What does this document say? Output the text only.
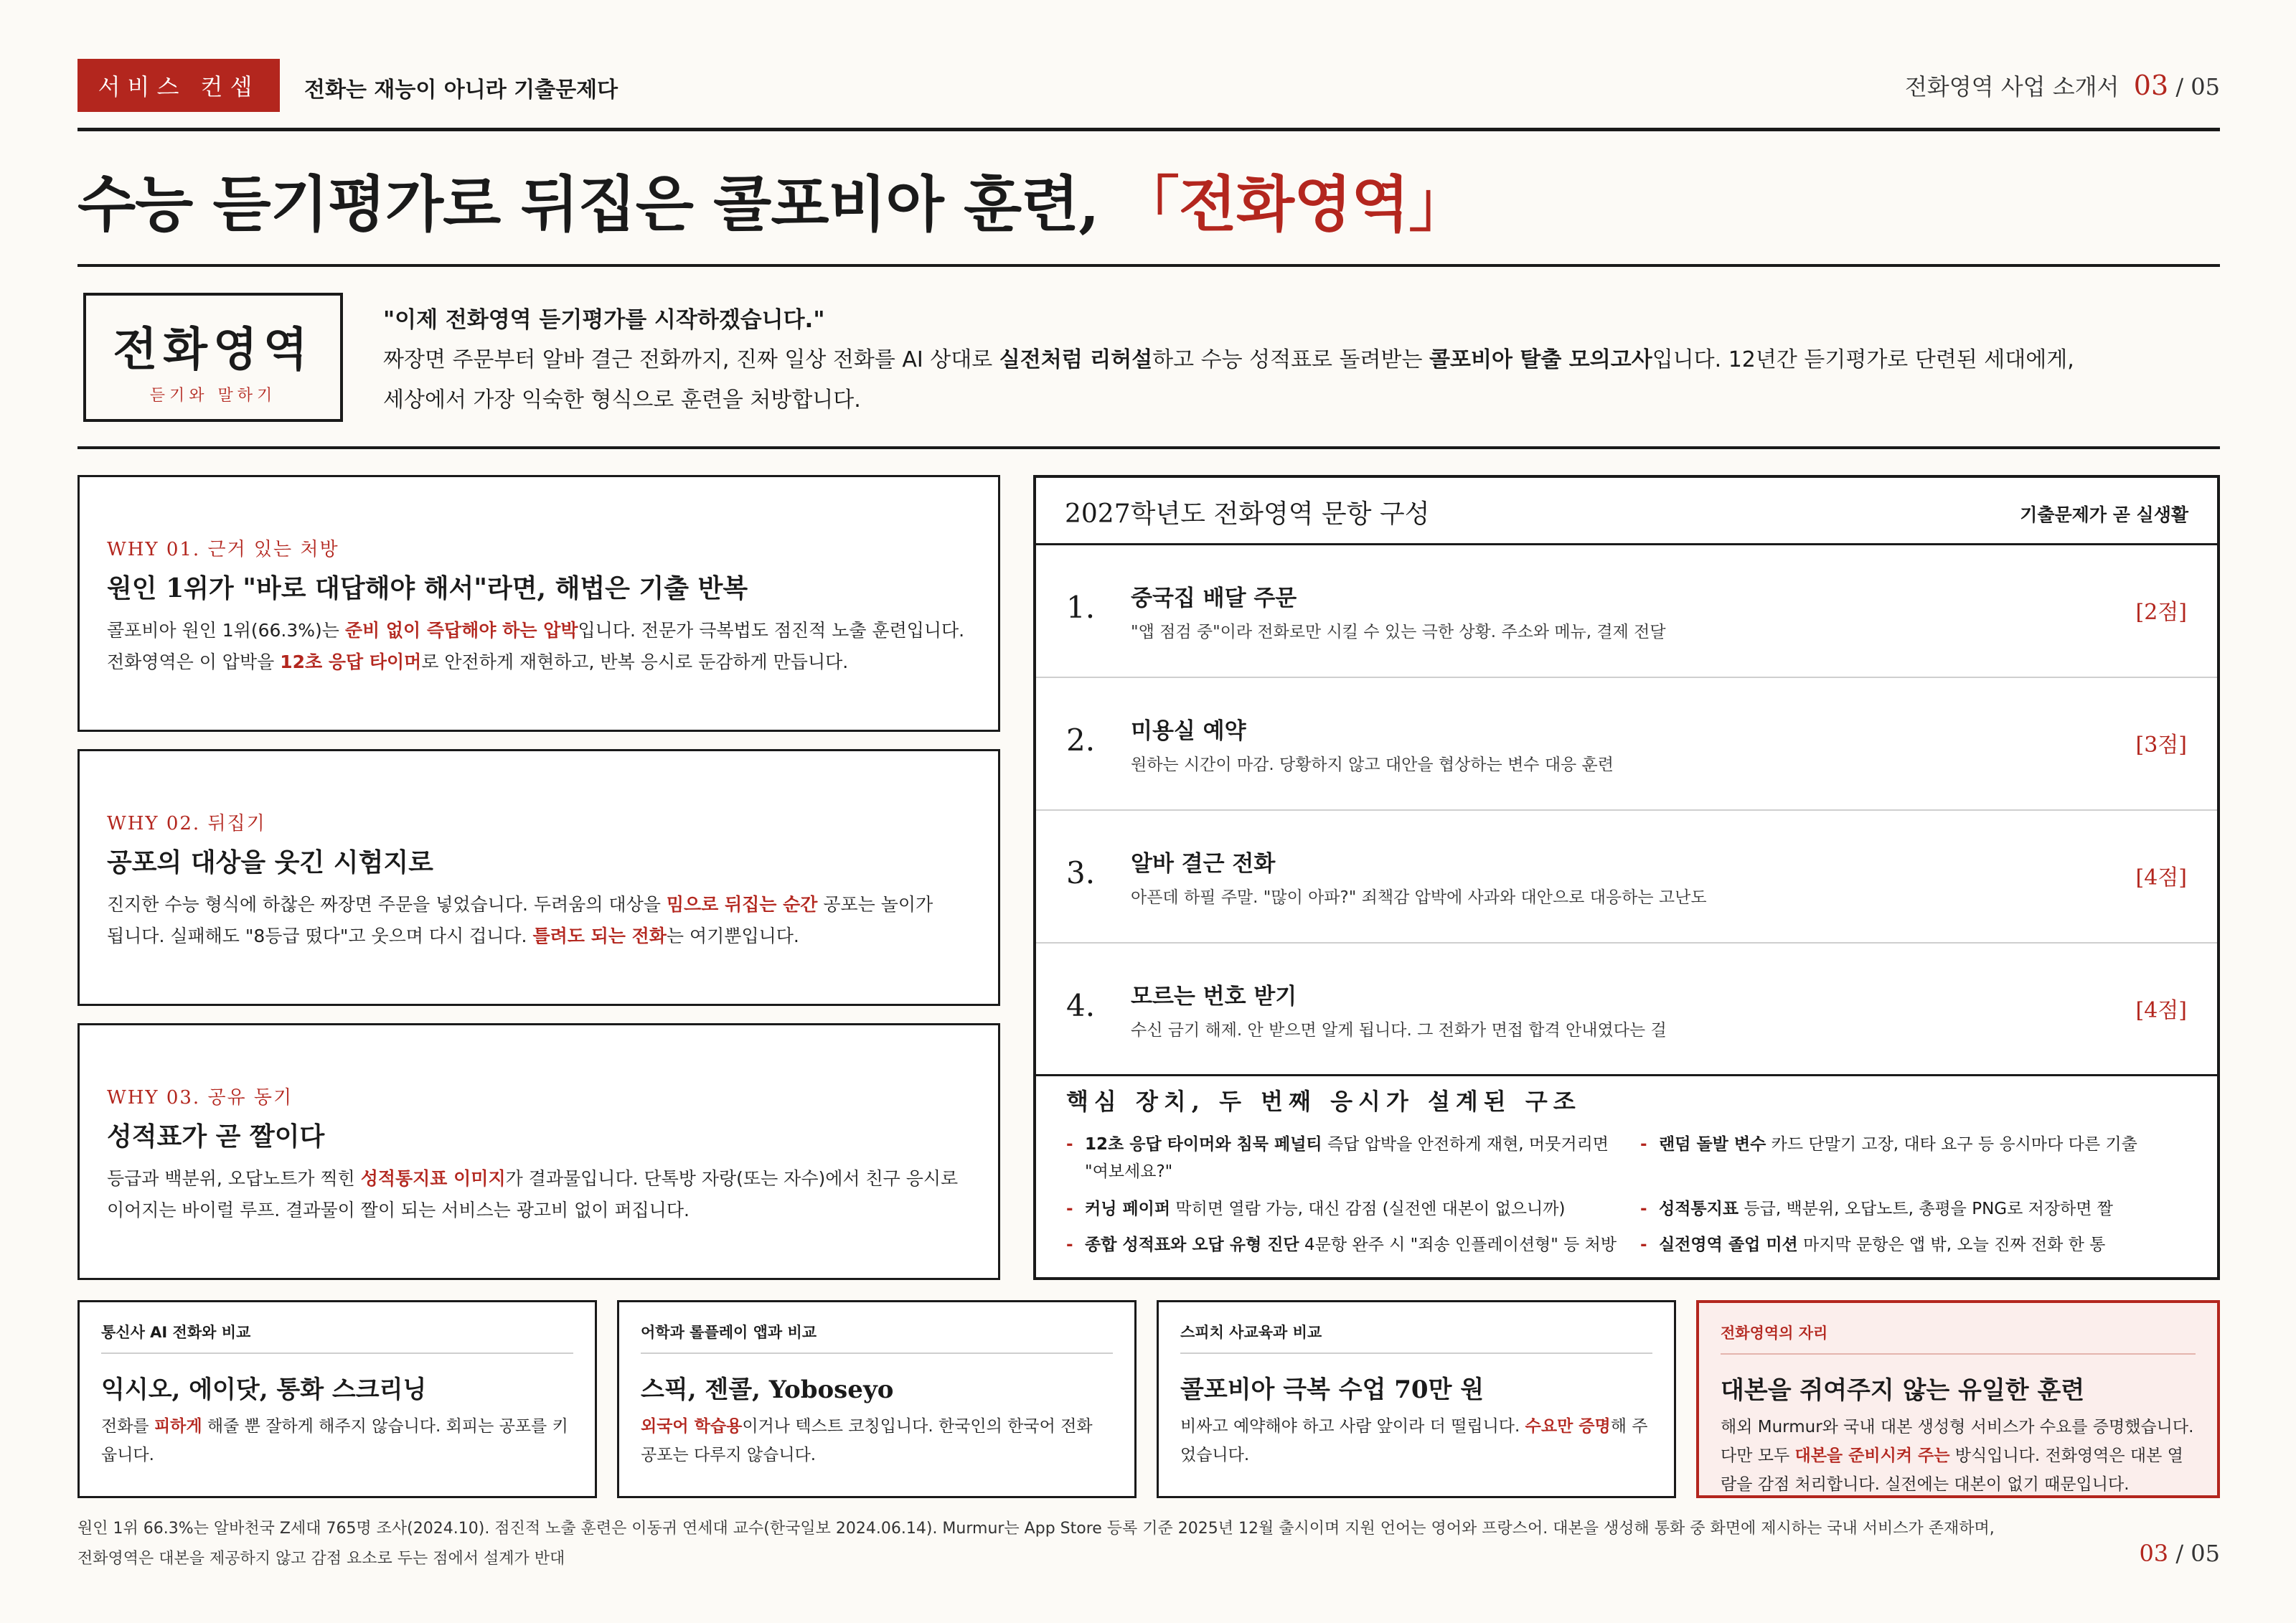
서비스 컨셉	전화는 재능이 아니라 기출문제다	전화영역 사업 소개서 03 / 05
수능 듣기평가로 뒤집은 콜포비아 훈련, 「전화영역」
전화영역
듣기와 말하기
"이제 전화영역 듣기평가를 시작하겠습니다."
짜장면 주문부터 알바 결근 전화까지, 진짜 일상 전화를 AI 상대로 실전처럼 리허설하고 수능 성적표로 돌려받는 콜포비아 탈출 모의고사입니다. 12년간 듣기평가로 단련된 세대에게,
세상에서 가장 익숙한 형식으로 훈련을 처방합니다.
WHY 01. 근거 있는 처방
원인 1위가 "바로 대답해야 해서"라면, 해법은 기출 반복
콜포비아 원인 1위(66.3%)는 준비 없이 즉답해야 하는 압박입니다. 전문가 극복법도 점진적 노출 훈련입니다.
전화영역은 이 압박을 12초 응답 타이머로 안전하게 재현하고, 반복 응시로 둔감하게 만듭니다.
WHY 02. 뒤집기
공포의 대상을 웃긴 시험지로
진지한 수능 형식에 하찮은 짜장면 주문을 넣었습니다. 두려움의 대상을 밈으로 뒤집는 순간 공포는 놀이가
됩니다. 실패해도 "8등급 떴다"고 웃으며 다시 겁니다. 틀려도 되는 전화는 여기뿐입니다.
WHY 03. 공유 동기
성적표가 곧 짤이다
등급과 백분위, 오답노트가 찍힌 성적통지표 이미지가 결과물입니다. 단톡방 자랑(또는 자수)에서 친구 응시로
이어지는 바이럴 루프. 결과물이 짤이 되는 서비스는 광고비 없이 퍼집니다.
2027학년도 전화영역 문항 구성	기출문제가 곧 실생활
1. 중국집 배달 주문
"앱 점검 중"이라 전화로만 시킬 수 있는 극한 상황. 주소와 메뉴, 결제 전달
[2점]
2. 미용실 예약
원하는 시간이 마감. 당황하지 않고 대안을 협상하는 변수 대응 훈련
[3점]
3. 알바 결근 전화
아픈데 하필 주말. "많이 아파?" 죄책감 압박에 사과와 대안으로 대응하는 고난도
[4점]
4. 모르는 번호 받기
수신 금기 해제. 안 받으면 알게 됩니다. 그 전화가 면접 합격 안내였다는 걸
[4점]
핵심 장치, 두 번째 응시가 설계된 구조
- 12초 응답 타이머와 침묵 페널티 즉답 압박을 안전하게 재현, 머뭇거리면 "여보세요?"
- 랜덤 돌발 변수 카드 단말기 고장, 대타 요구 등 응시마다 다른 기출
- 커닝 페이퍼 막히면 열람 가능, 대신 감점 (실전엔 대본이 없으니까)	- 성적통지표 등급, 백분위, 오답노트, 총평을 PNG로 저장하면 짤
- 종합 성적표와 오답 유형 진단 4문항 완주 시 "죄송 인플레이션형" 등 처방	- 실전영역 졸업 미션 마지막 문항은 앱 밖, 오늘 진짜 전화 한 통
통신사 AI 전화와 비교
익시오, 에이닷, 통화 스크리닝
전화를 피하게 해줄 뿐 잘하게 해주지 않습니다. 회피는 공포를 키웁니다.
어학과 롤플레이 앱과 비교
스픽, 젠콜, Yoboseyo
외국어 학습용이거나 텍스트 코칭입니다. 한국인의 한국어 전화 공포는 다루지 않습니다.
스피치 사교육과 비교
콜포비아 극복 수업 70만 원
비싸고 예약해야 하고 사람 앞이라 더 떨립니다. 수요만 증명해 주었습니다.
전화영역의 자리
대본을 쥐여주지 않는 유일한 훈련
해외 Murmur와 국내 대본 생성형 서비스가 수요를 증명했습니다. 다만 모두 대본을 준비시켜 주는 방식입니다. 전화영역은 대본 열람을 감점 처리합니다. 실전에는 대본이 없기 때문입니다.
원인 1위 66.3%는 알바천국 Z세대 765명 조사(2024.10). 점진적 노출 훈련은 이동귀 연세대 교수(한국일보 2024.06.14). Murmur는 App Store 등록 기준 2025년 12월 출시이며 지원 언어는 영어와 프랑스어. 대본을 생성해 통화 중 화면에 제시하는 국내 서비스가 존재하며, 전화영역은 대본을 제공하지 않고 감점 요소로 두는 점에서 설계가 반대	03 / 05
